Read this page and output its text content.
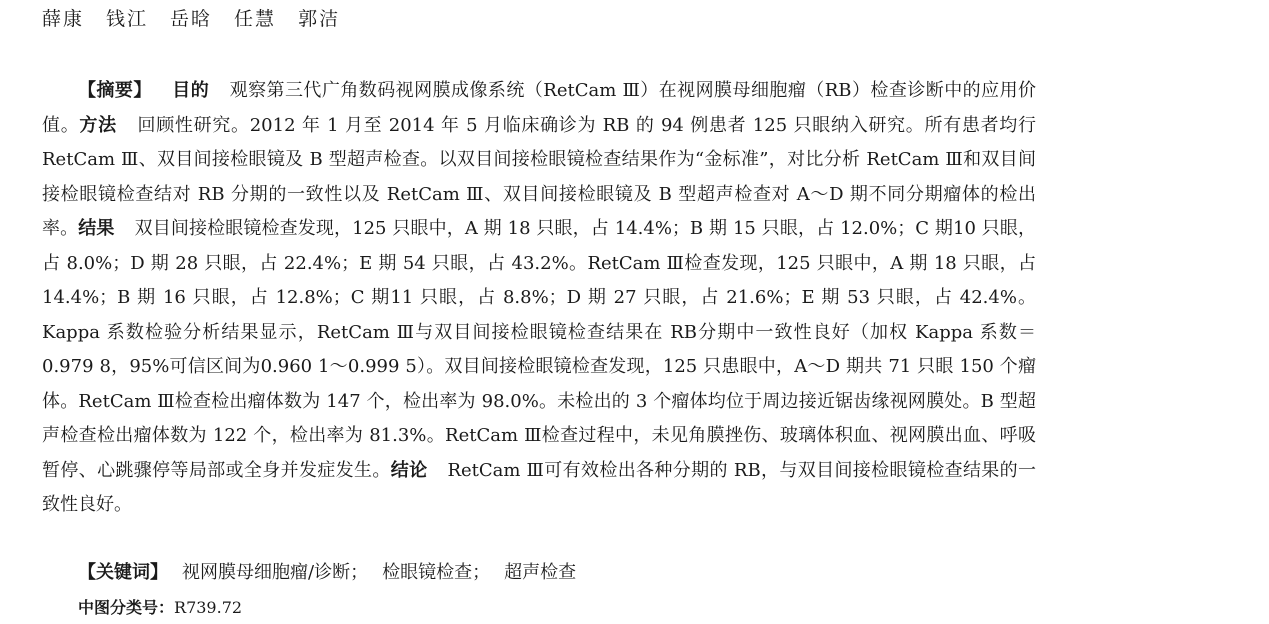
薛康 钱江 岳晗 任慧 郭洁

【摘要】 目的 观察第三代广角数码视网膜成像系统（RetCam Ⅲ）在视网膜母细胞瘤（RB）检查诊断中的应用价值。方法 回顾性研究。2012 年 1 月至 2014 年 5 月临床确诊为 RB 的 94 例患者 125 只眼纳入研究。所有患者均行 RetCam Ⅲ、双目间接检眼镜及 B 型超声检查。以双目间接检眼镜检查结果作为“金标准”，对比分析 RetCam Ⅲ和双目间接检眼镜检查结对 RB 分期的一致性以及 RetCam Ⅲ、双目间接检眼镜及 B 型超声检查对 A～D 期不同分期瘤体的检出率。结果 双目间接检眼镜检查发现，125 只眼中，A 期 18 只眼，占 14.4%；B 期 15 只眼，占 12.0%；C 期10 只眼，占 8.0%；D 期 28 只眼，占 22.4%；E 期 54 只眼，占 43.2%。RetCam Ⅲ检查发现，125 只眼中，A 期 18 只眼，占 14.4%；B 期 16 只眼，占 12.8%；C 期11 只眼，占 8.8%；D 期 27 只眼，占 21.6%；E 期 53 只眼，占 42.4%。Kappa 系数检验分析结果显示，RetCam Ⅲ与双目间接检眼镜检查结果在 RB分期中一致性良好（加权 Kappa 系数＝0.979 8，95%可信区间为0.960 1～0.999 5）。双目间接检眼镜检查发现，125 只患眼中，A～D 期共 71 只眼 150 个瘤体。RetCam Ⅲ检查检出瘤体数为 147 个，检出率为 98.0%。未检出的 3 个瘤体均位于周边接近锯齿缘视网膜处。B 型超声检查检出瘤体数为 122 个，检出率为 81.3%。RetCam Ⅲ检查过程中，未见角膜挫伤、玻璃体积血、视网膜出血、呼吸暂停、心跳骤停等局部或全身并发症发生。结论 RetCam Ⅲ可有效检出各种分期的 RB，与双目间接检眼镜检查结果的一致性良好。

【关键词】 视网膜母细胞瘤/诊断； 检眼镜检查； 超声检查
中图分类号：R739.72
